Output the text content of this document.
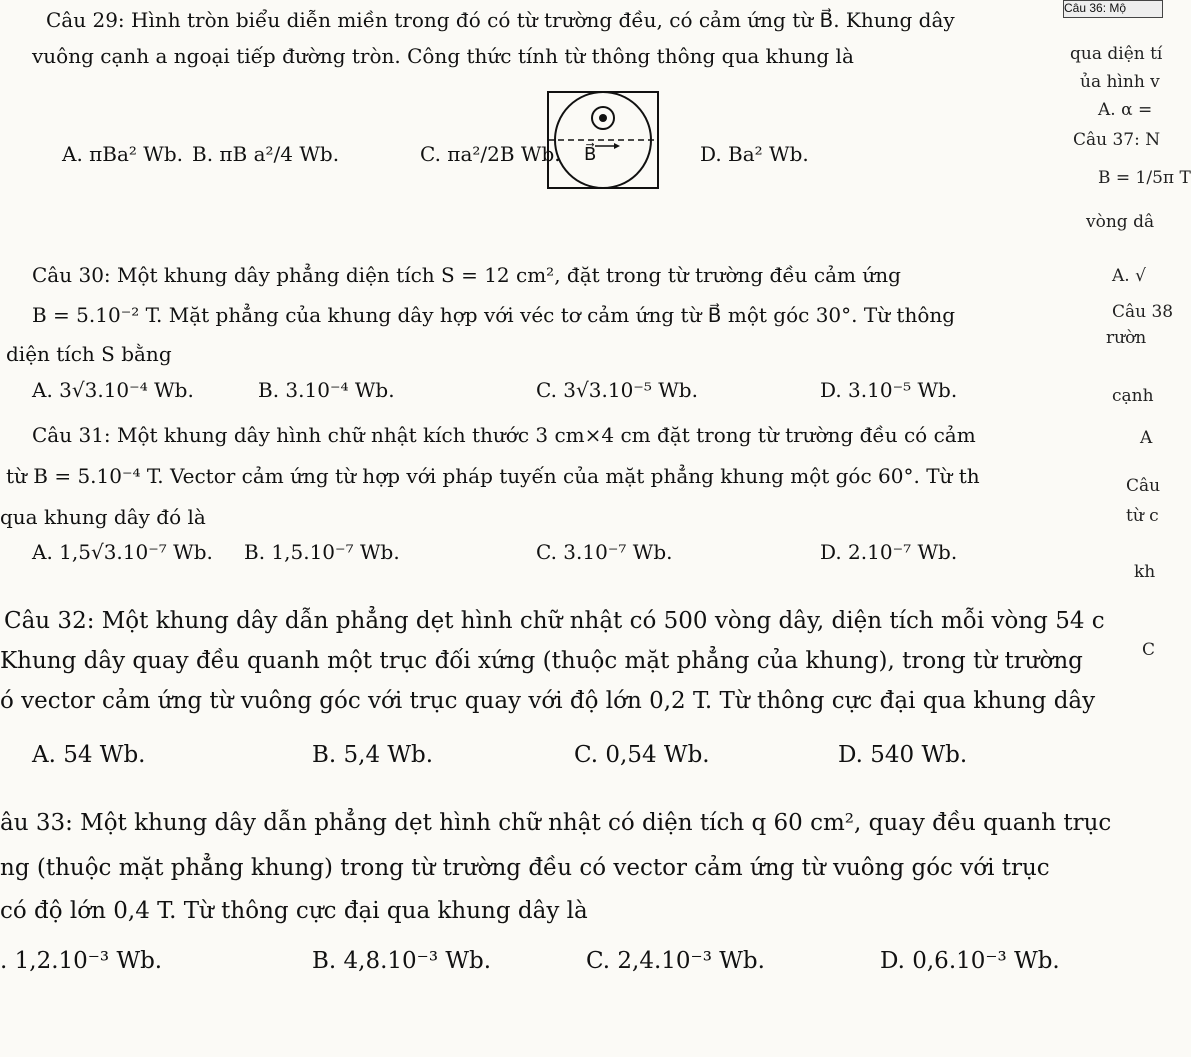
Câu 36: Mộ
Câu 29: Hình tròn biểu diễn miền trong đó có từ trường đều, có cảm ứng từ B⃗. Khung dây
vuông cạnh a ngoại tiếp đường tròn. Công thức tính từ thông thông qua khung là
B⃗
A. πBa² Wb. B. πB a²/4 Wb.	C. πa²/2B Wb.	D. Ba² Wb.
Câu 30: Một khung dây phẳng diện tích S = 12 cm², đặt trong từ trường đều cảm ứng
B = 5.10⁻² T. Mặt phẳng của khung dây hợp với véc tơ cảm ứng từ B⃗ một góc 30°. Từ thông
diện tích S bằng
A. 3√3.10⁻⁴ Wb.	B. 3.10⁻⁴ Wb.	C. 3√3.10⁻⁵ Wb.	D. 3.10⁻⁵ Wb.
Câu 31: Một khung dây hình chữ nhật kích thước 3 cm×4 cm đặt trong từ trường đều có cảm
từ B = 5.10⁻⁴ T. Vector cảm ứng từ hợp với pháp tuyến của mặt phẳng khung một góc 60°. Từ th
qua khung dây đó là
A. 1,5√3.10⁻⁷ Wb. B. 1,5.10⁻⁷ Wb.	C. 3.10⁻⁷ Wb.	D. 2.10⁻⁷ Wb.
Câu 32: Một khung dây dẫn phẳng dẹt hình chữ nhật có 500 vòng dây, diện tích mỗi vòng 54 c
Khung dây quay đều quanh một trục đối xứng (thuộc mặt phẳng của khung), trong từ trường
ó vector cảm ứng từ vuông góc với trục quay với độ lớn 0,2 T. Từ thông cực đại qua khung dây
A. 54 Wb.	B. 5,4 Wb.	C. 0,54 Wb.	D. 540 Wb.
âu 33: Một khung dây dẫn phẳng dẹt hình chữ nhật có diện tích q 60 cm², quay đều quanh trục
ng (thuộc mặt phẳng khung) trong từ trường đều có vector cảm ứng từ vuông góc với trục
có độ lớn 0,4 T. Từ thông cực đại qua khung dây là
. 1,2.10⁻³ Wb.	B. 4,8.10⁻³ Wb.	C. 2,4.10⁻³ Wb.	D. 0,6.10⁻³ Wb.
qua diện tí
ủa hình v
A. α =
Câu 37: N
B = 1/5π T
vòng dâ
A. √
Câu 38
rườn
cạnh
A
Câu
từ c
kh
C
